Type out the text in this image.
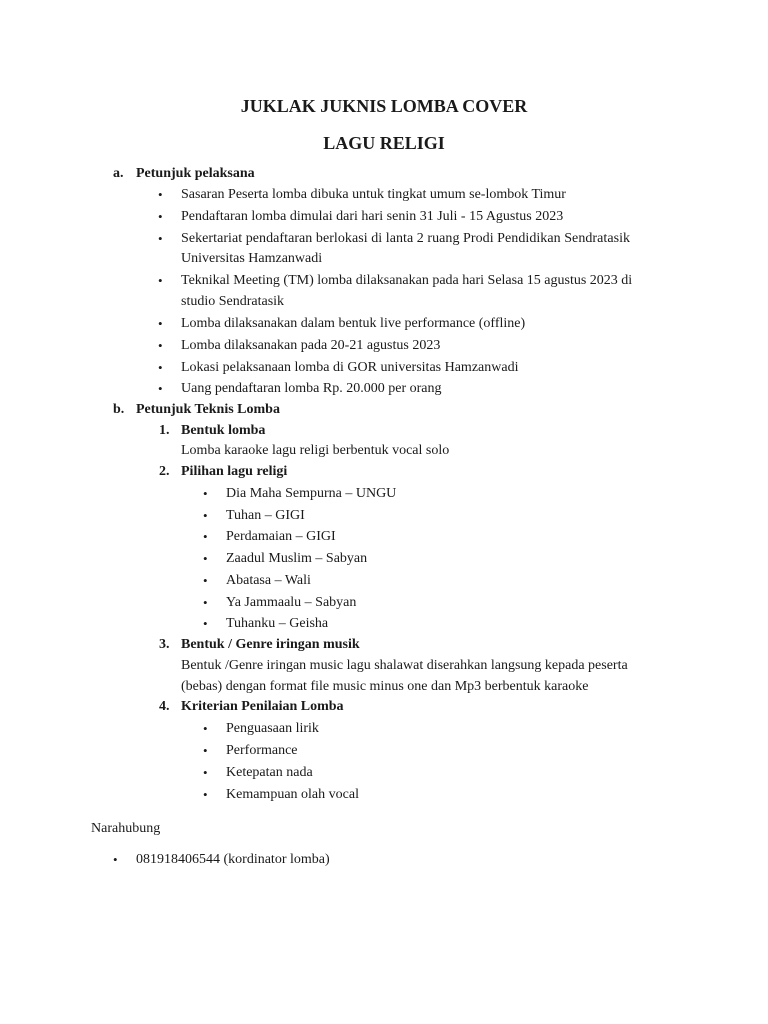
JUKLAK JUKNIS LOMBA COVER
LAGU RELIGI
a. Petunjuk pelaksana
• Sasaran Peserta lomba dibuka untuk tingkat umum se-lombok Timur
• Pendaftaran lomba dimulai dari hari senin 31 Juli - 15 Agustus 2023
• Sekertariat pendaftaran berlokasi di lanta 2 ruang Prodi Pendidikan Sendratasik
Universitas Hamzanwadi
• Teknikal Meeting (TM) lomba dilaksanakan pada hari Selasa 15 agustus 2023 di
studio Sendratasik
• Lomba dilaksanakan dalam bentuk live performance (offline)
• Lomba dilaksanakan pada 20-21 agustus 2023
• Lokasi pelaksanaan lomba di GOR universitas Hamzanwadi
• Uang pendaftaran lomba Rp. 20.000 per orang
b. Petunjuk Teknis Lomba
1. Bentuk lomba
Lomba karaoke lagu religi berbentuk vocal solo
2. Pilihan lagu religi
• Dia Maha Sempurna – UNGU
• Tuhan – GIGI
• Perdamaian – GIGI
• Zaadul Muslim – Sabyan
• Abatasa – Wali
• Ya Jammaalu – Sabyan
• Tuhanku – Geisha
3. Bentuk / Genre iringan musik
Bentuk /Genre iringan music lagu shalawat diserahkan langsung kepada peserta
(bebas) dengan format file music minus one dan Mp3 berbentuk karaoke
4. Kriterian Penilaian Lomba
• Penguasaan lirik
• Performance
• Ketepatan nada
• Kemampuan olah vocal
Narahubung
• 081918406544 (kordinator lomba)
